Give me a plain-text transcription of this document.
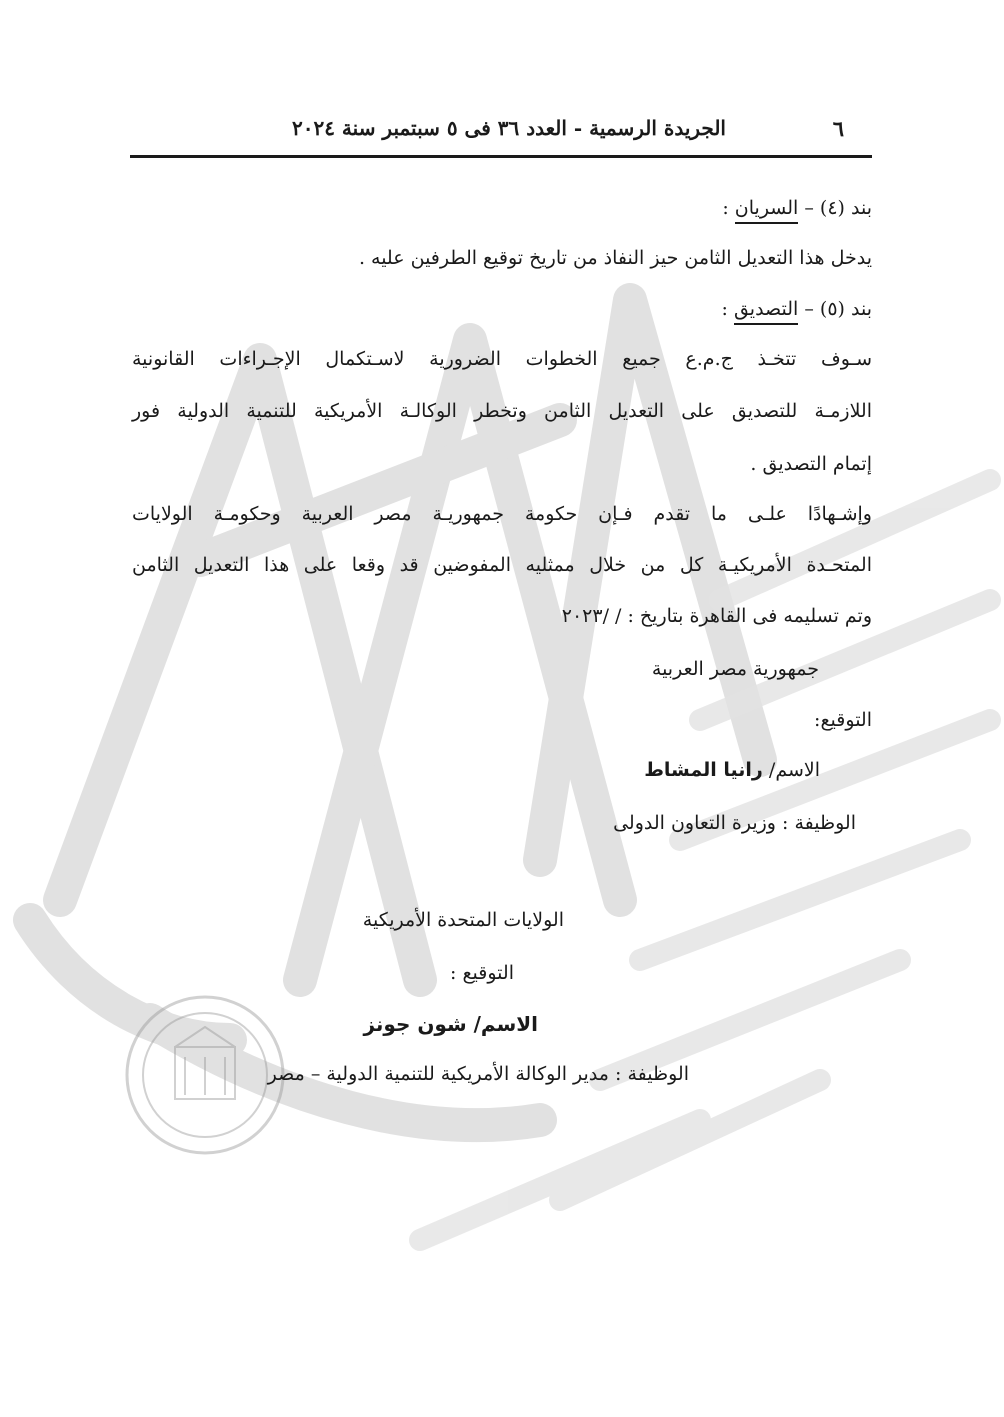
٦
الجريدة الرسمية - العدد ٣٦ فى ٥ سبتمبر سنة ٢٠٢٤
بند (٤) – السريان :
يدخل هذا التعديل الثامن حيز النفاذ من تاريخ توقيع الطرفين عليه .
بند (٥) – التصديق :
سـوف تتخـذ ج.م.ع جميع الخطوات الضرورية لاسـتكمال الإجـراءات القانونية
اللازمـة للتصديق على التعديل الثامن وتخطر الوكالـة الأمريكية للتنمية الدولية فور
إتمام التصديق .
وإشـهادًا علـى ما تقدم فـإن حكومة جمهوريـة مصر العربية وحكومـة الولايات
المتحـدة الأمريكيـة كل من خلال ممثليه المفوضين قد وقعا على هذا التعديل الثامن
وتم تسليمه فى القاهرة بتاريخ : / /٢٠٢٣
جمهورية مصر العربية
التوقيع:
الاسم/ رانيا المشاط
الوظيفة : وزيرة التعاون الدولى
الولايات المتحدة الأمريكية
التوقيع :
الاسم/ شون جونز
الوظيفة : مدير الوكالة الأمريكية للتنمية الدولية – مصر
